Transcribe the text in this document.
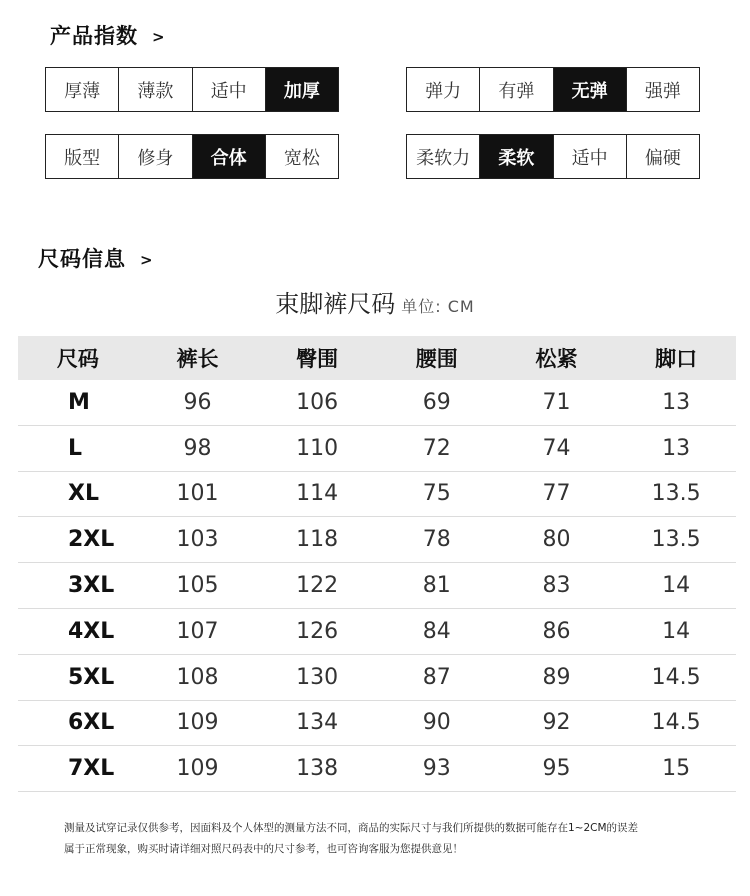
产品指数 >
厚薄	薄款	适中	加厚	弹力	有弹	无弹	强弹
版型	修身	合体	宽松	柔软力	柔软	适中	偏硬
尺码信息 >
束脚裤尺码 单位: CM
尺码	裤长	臀围	腰围	松紧	脚口
M	96	106	69	71	13
L	98	110	72	74	13
XL	101	114	75	77	13.5
2XL	103	118	78	80	13.5
3XL	105	122	81	83	14
4XL	107	126	84	86	14
5XL	108	130	87	89	14.5
6XL	109	134	90	92	14.5
7XL	109	138	93	95	15
测量及试穿记录仅供参考，因面料及个人体型的测量方法不同，商品的实际尺寸与我们所提供的数据可能存在1~2CM的误差
属于正常现象，购买时请详细对照尺码表中的尺寸参考，也可咨询客服为您提供意见！
